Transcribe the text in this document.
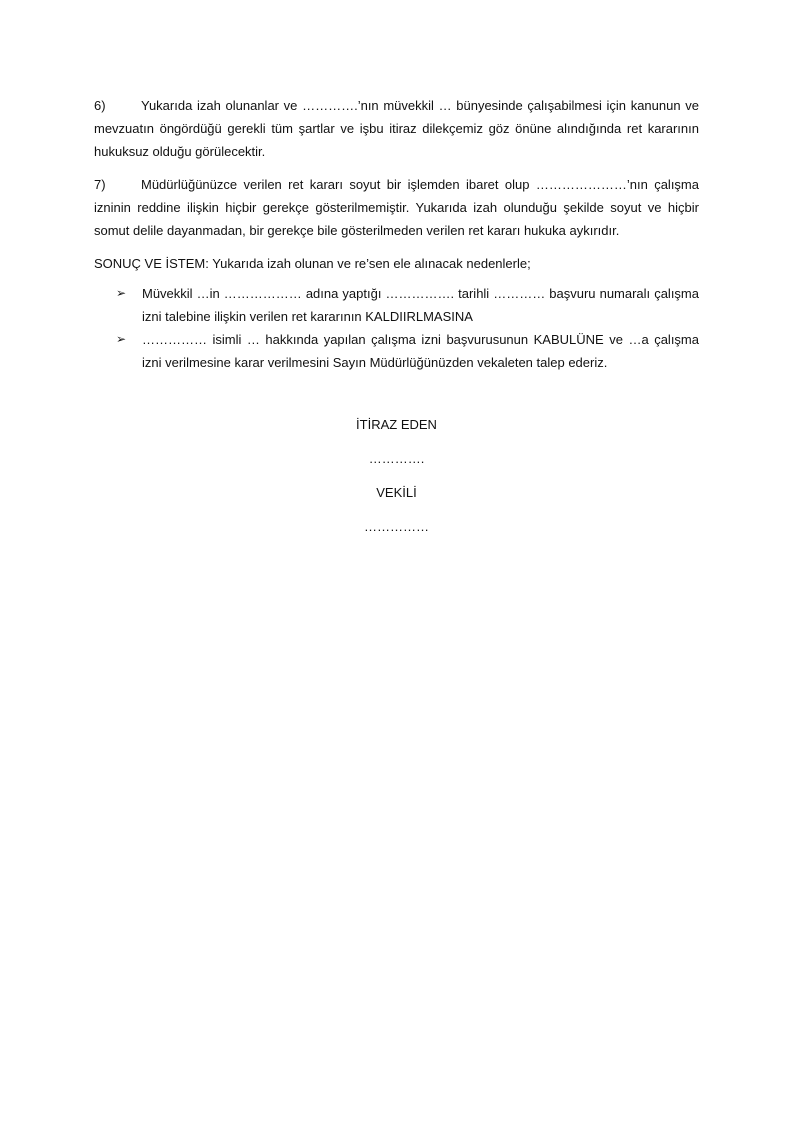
6)	Yukarıda izah olunanlar ve ………….’nın müvekkil … bünyesinde çalışabilmesi için kanunun ve mevzuatın öngördüğü gerekli tüm şartlar ve işbu itiraz dilekçemiz göz önüne alındığında ret kararının hukuksuz olduğu görülecektir.

7)	Müdürlüğünüzce verilen ret kararı soyut bir işlemden ibaret olup …………………’nın çalışma izninin reddine ilişkin hiçbir gerekçe gösterilmemiştir. Yukarıda izah olunduğu şekilde soyut ve hiçbir somut delile dayanmadan, bir gerekçe bile gösterilmeden verilen ret kararı hukuka aykırıdır.

SONUÇ VE İSTEM: Yukarıda izah olunan ve re’sen ele alınacak nedenlerle;

➢ Müvekkil …in ……………… adına yaptığı ……………. tarihli ………… başvuru numaralı çalışma izni talebine ilişkin verilen ret kararının KALDIIRLMASINA
➢ …………… isimli … hakkında yapılan çalışma izni başvurusunun KABULÜNE ve …a çalışma izni verilmesine karar verilmesini Sayın Müdürlüğünüzden vekaleten talep ederiz.
İTİRAZ EDEN
………….
VEKİLİ
……………
